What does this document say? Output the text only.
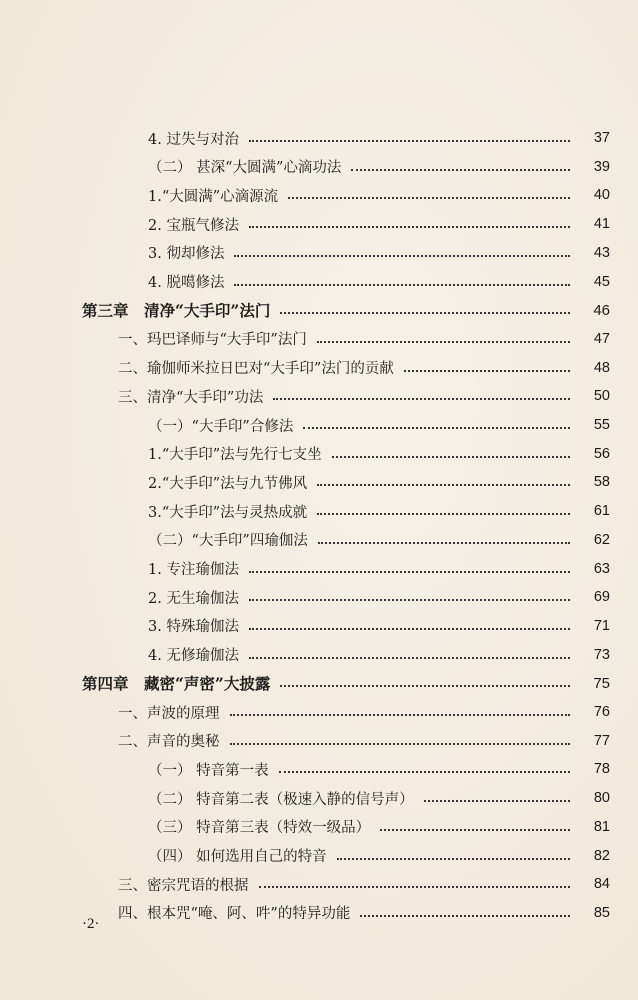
4. 过失与对治	37
（二） 甚深“大圆满”心滴功法	39
1.“大圆满”心滴源流	40
2. 宝瓶气修法	41
3. 彻却修法	43
4. 脱噶修法	45
第三章　清净“大手印”法门	46
一、玛巴译师与“大手印”法门	47
二、瑜伽师米拉日巴对“大手印”法门的贡献	48
三、清净“大手印”功法	50
（一）“大手印”合修法	55
1.“大手印”法与先行七支坐	56
2.“大手印”法与九节佛风	58
3.“大手印”法与灵热成就	61
（二）“大手印”四瑜伽法	62
1. 专注瑜伽法	63
2. 无生瑜伽法	69
3. 特殊瑜伽法	71
4. 无修瑜伽法	73
第四章　藏密“声密”大披露	75
一、声波的原理	76
二、声音的奥秘	77
（一） 特音第一表	78
（二） 特音第二表（极速入静的信号声）	80
（三） 特音第三表（特效一级品）	81
（四） 如何选用自己的特音	82
三、密宗咒语的根据	84
四、根本咒“唵、阿、吽”的特异功能	85
·2·
